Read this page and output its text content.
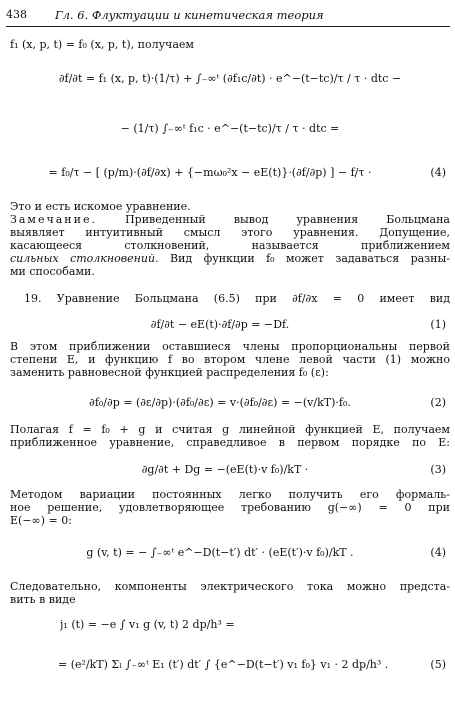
438	Гл. 6. Флуктуации и кинетическая теория
f₁ (x, p, t) = f₀ (x, p, t), получаем
∂f̄/∂t = f₁ (x, p, t)·(1/τ) + ∫₋∞ᵗ (∂f₁c/∂t) · e^−(t−tc)/τ / τ · dtc −
− (1/τ) ∫₋∞ᵗ f₁c · e^−(t−tc)/τ / τ · dtc =
= f₀/τ − [ (p/m)·(∂f̄/∂x) + {−mω₀²x − eE(t)}·(∂f̄/∂p) ] − f/τ ·	(4)
Это и есть искомое уравнение.
Замечание.	Приведенный вывод уравнения Больцмана
выявляет интуитивный смысл этого уравнения. Допущение,
касающееся столкновений, называется приближением
сильных столкновений. Вид функции f₀ может задаваться разны-
ми способами.
19. Уравнение Больцмана (6.5) при ∂f/∂x = 0 имеет вид
∂f/∂t − eE(t)·∂f/∂p = −Df.	(1)
В этом приближении оставшиеся члены пропорциональны первой
степени E, и функцию f во втором члене левой части (1) можно
заменить равновесной функцией распределения f₀ (ε):
∂f₀/∂p = (∂ε/∂p)·(∂f₀/∂ε) = v·(∂f₀/∂ε) = −(v/kT)·f₀.	(2)
Полагая f = f₀ + g и считая g линейной функцией E, получаем
приближенное уравнение, справедливое в первом порядке по E:
∂g/∂t + Dg = −(eE(t)·v f₀)/kT ·	(3)
Методом вариации постоянных легко получить его формаль-
ное решение, удовлетворяющее требованию g(−∞) = 0 при
E(−∞) = 0:
g (v, t) = − ∫₋∞ᵗ e^−D(t−t′) dt′ · (eE(t′)·v f₀)/kT .	(4)
Следовательно, компоненты электрического тока можно предста-
вить в виде
j₁ (t) = −e ∫ v₁ g (v, t) 2 dp/h³ =
= (e²/kT) Σₗ ∫₋∞ᵗ E₁ (t′) dt′ ∫ {e^−D(t−t′) v₁ f₀} v₁ · 2 dp/h³ .	(5)
